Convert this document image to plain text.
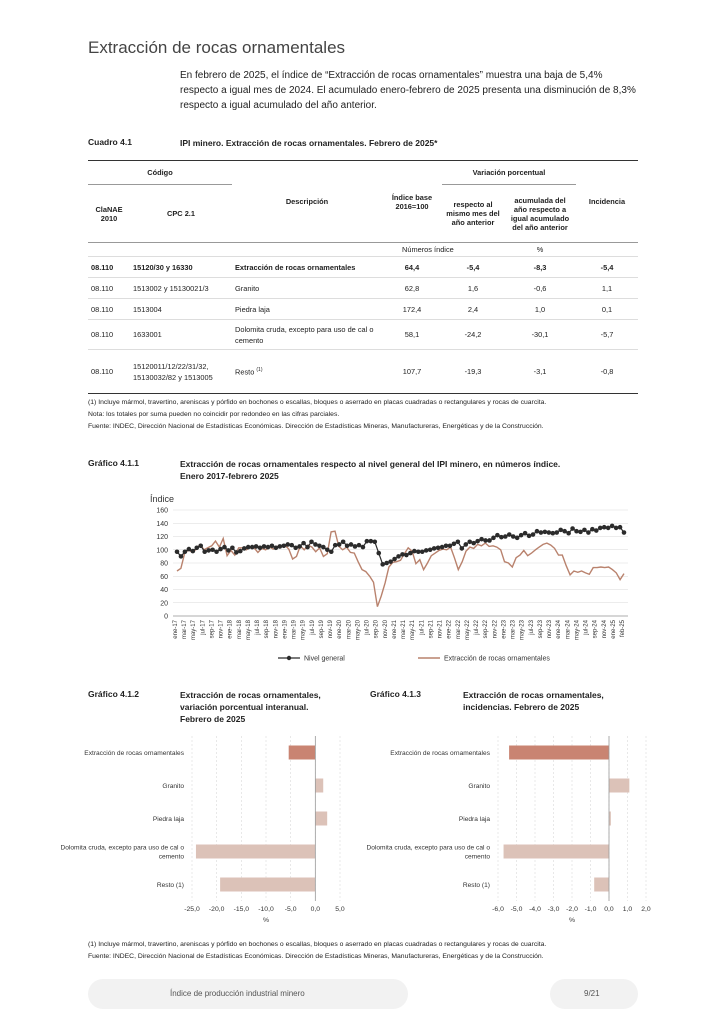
Extracción de rocas ornamentales
En febrero de 2025, el índice de “Extracción de rocas ornamentales” muestra una baja de 5,4% respecto a igual mes de 2024. El acumulado enero-febrero de 2025 presenta una disminución de 8,3% respecto a igual acumulado del año anterior.
Cuadro 4.1	IPI minero. Extracción de rocas ornamentales. Febrero de 2025*
Código		Descripción	Índice base 2016=100	Variación porcentual		Incidencia
ClaNAE 2010	CPC 2.1			respecto al mismo mes del año anterior	acumulada del año respecto a igual acumulado del año anterior	
			Números índice		%	
08.110	15120/30 y 16330	Extracción de rocas ornamentales	64,4	-5,4	-8,3	-5,4
08.110	1513002 y 15130021/3	Granito	62,8	1,6	-0,6	1,1
08.110	1513004	Piedra laja	172,4	2,4	1,0	0,1
08.110	1633001	Dolomita cruda, excepto para uso de cal o cemento	58,1	-24,2	-30,1	-5,7
08.110	15120011/12/22/31/32, 15130032/82 y 1513005	Resto $^{(1)}$	107,7	-19,3	-3,1	-0,8
(1) Incluye mármol, travertino, areniscas y pórfido en bochones o escallas, bloques o aserrado en placas cuadradas o rectangulares y rocas de cuarcita.
Nota: los totales por suma pueden no coincidir por redondeo en las cifras parciales.
Fuente: INDEC, Dirección Nacional de Estadísticas Económicas. Dirección de Estadísticas Mineras, Manufactureras, Energéticas y de la Construcción.
Gráfico 4.1.1	Extracción de rocas ornamentales respecto al nivel general del IPI minero, en números índice.
Enero 2017-febrero 2025
Índice
0
20
40
60
80
100
120
140
160
ene-17 mar-17 may-17 jul-17 sep-17 nov-17 ene-18 mar-18 may-18 jul-18 sep-18 nov-18 ene-19 mar-19 may-19 jul-19 sep-19 nov-19 ene-20 mar-20 may-20 jul-20 sep-20 nov-20 ene-21 mar-21 may-21 jul-21 sep-21 nov-21 ene-22 mar-22 may-22 jul-22 sep-22 nov-22 ene-23 mar-23 may-23 jul-23 sep-23 nov-23 ene-24 mar-24 may-24 jul-24 sep-24 nov-24 ene-25 feb-25
Nivel general	Extracción de rocas ornamentales
Gráfico 4.1.2	Extracción de rocas ornamentales,
variación porcentual interanual.
Febrero de 2025
-25,0 -20,0 -15,0 -10,0 -5,0 0,0 5,0
%
Extracción de rocas ornamentales
Granito
Piedra laja
Dolomita cruda, excepto para uso de cal o
cemento
Resto (1)
Gráfico 4.1.3	Extracción de rocas ornamentales,
incidencias. Febrero de 2025
-6,0 -5,0 -4,0 -3,0 -2,0 -1,0 0,0 1,0 2,0
%
Extracción de rocas ornamentales
Granito
Piedra laja
Dolomita cruda, excepto para uso de cal o
cemento
Resto (1)
(1) Incluye mármol, travertino, areniscas y pórfido en bochones o escallas, bloques o aserrado en placas cuadradas o rectangulares y rocas de cuarcita.
Fuente: INDEC, Dirección Nacional de Estadísticas Económicas. Dirección de Estadísticas Mineras, Manufactureras, Energéticas y de la Construcción.
Índice de producción industrial minero	9/21
